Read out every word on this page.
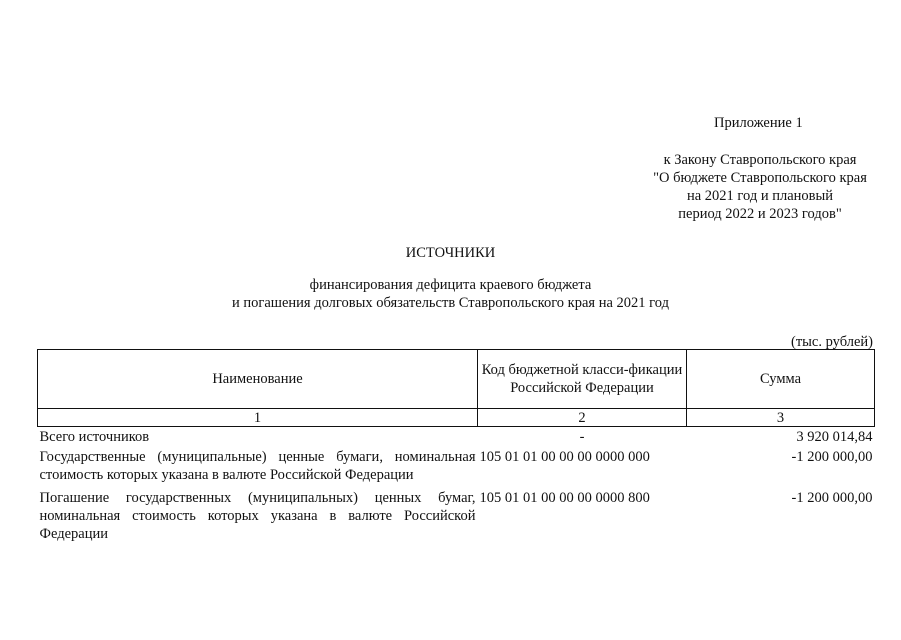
Приложение 1
к Закону Ставропольского края
"О бюджете Ставропольского края
на 2021 год и плановый
период 2022 и 2023 годов"
ИСТОЧНИКИ
финансирования дефицита краевого бюджета
и погашения долговых обязательств Ставропольского края на 2021 год
(тыс. рублей)
Наименование	Код бюджетной класси-фикации Российской Федерации	Сумма
1	2	3
Всего источников	-	3 920 014,84
Государственные (муниципальные) ценные бумаги, номинальная стоимость которых указана в валюте Российской Федерации	105 01 01 00 00 00 0000 000	-1 200 000,00
Погашение государственных (муниципальных) ценных бумаг, номинальная стоимость которых указана в валюте Российской Федерации	105 01 01 00 00 00 0000 800	-1 200 000,00
